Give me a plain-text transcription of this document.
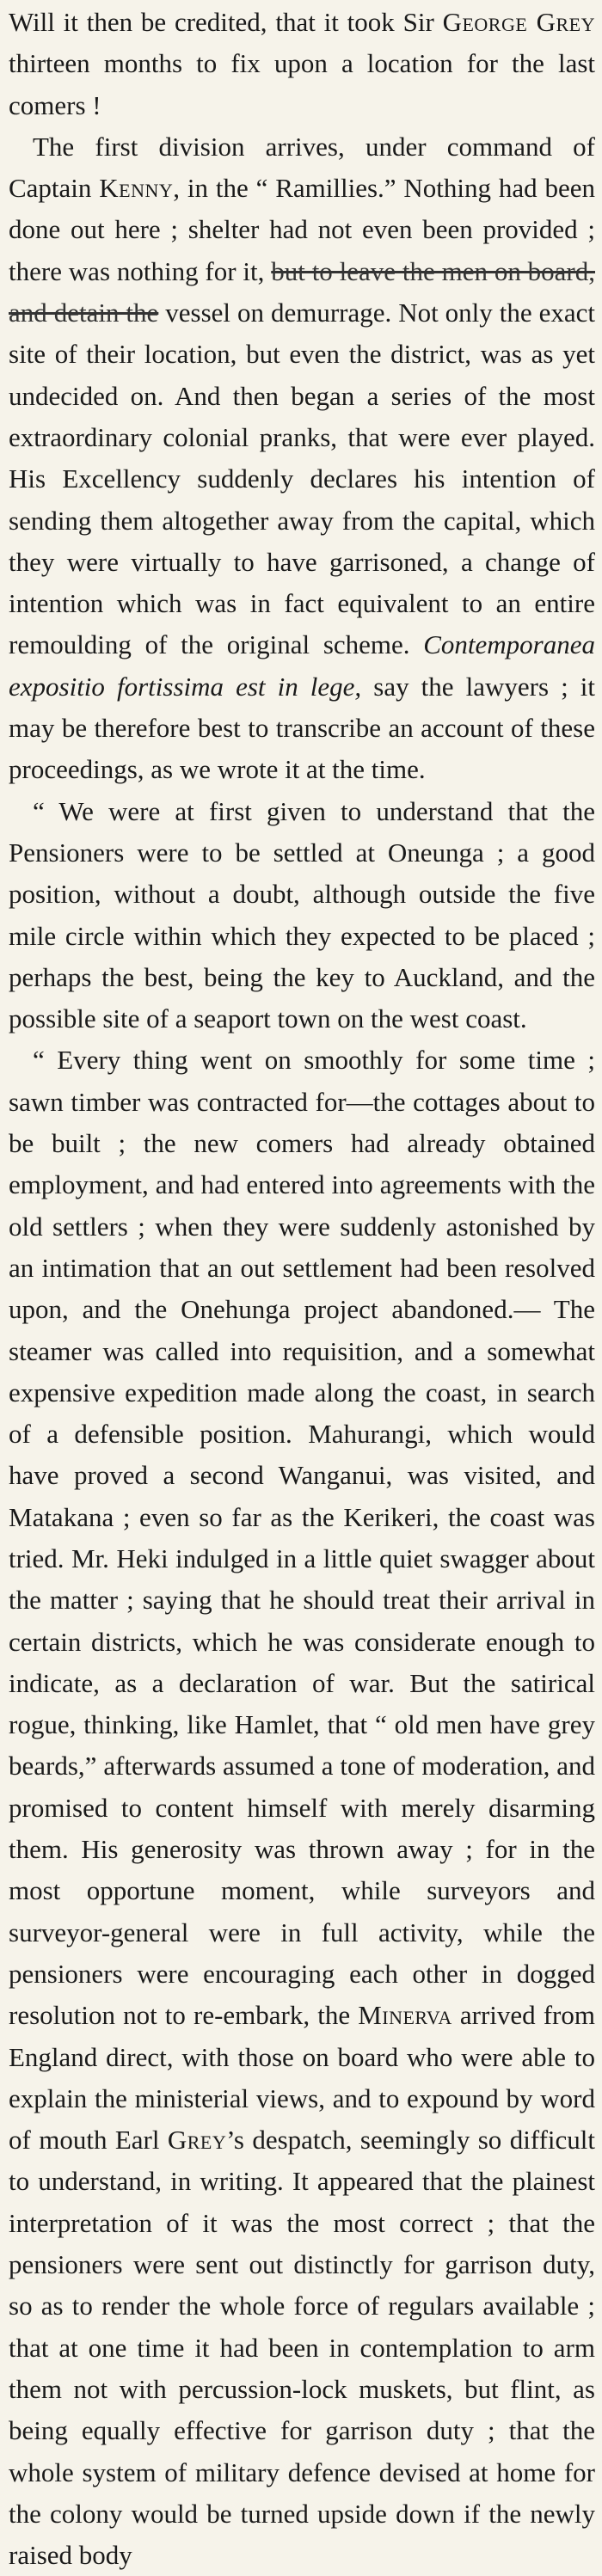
Will it then be credited, that it took Sir George Grey thirteen months to fix upon a location for the last comers !

The first division arrives, under command of Captain Kenny, in the “ Ramillies.” Nothing had been done out here ; shelter had not even been provided ; there was nothing for it, but to leave the men on board, and detain the vessel on demurrage. Not only the exact site of their location, but even the district, was as yet undecided on. And then began a series of the most extraordinary colonial pranks, that were ever played. His Excellency suddenly declares his intention of sending them altogether away from the capital, which they were virtually to have garrisoned, a change of intention which was in fact equivalent to an entire remoulding of the original scheme. Contemporanea expositio fortissima est in lege, say the lawyers ; it may be therefore best to transcribe an account of these proceedings, as we wrote it at the time.

“ We were at first given to understand that the Pensioners were to be settled at Oneunga ; a good position, without a doubt, although outside the five mile circle within which they expected to be placed ; perhaps the best, being the key to Auckland, and the possible site of a seaport town on the west coast.

“ Every thing went on smoothly for some time ; sawn timber was contracted for—the cottages about to be built ; the new comers had already obtained employment, and had entered into agreements with the old settlers ; when they were suddenly astonished by an intimation that an out settlement had been resolved upon, and the Onehunga project abandoned.— The steamer was called into requisition, and a somewhat expensive expedition made along the coast, in search of a defensible position. Mahurangi, which would have proved a second Wanganui, was visited, and Matakana ; even so far as the Kerikeri, the coast was tried. Mr. Heki indulged in a little quiet swagger about the matter ; saying that he should treat their arrival in certain districts, which he was considerate enough to indicate, as a declaration of war. But the satirical rogue, thinking, like Hamlet, that “ old men have grey beards,” afterwards assumed a tone of moderation, and promised to content himself with merely disarming them. His generosity was thrown away ; for in the most opportune moment, while surveyors and surveyor-general were in full activity, while the pensioners were encouraging each other in dogged resolution not to re-embark, the Minerva arrived from England direct, with those on board who were able to explain the ministerial views, and to expound by word of mouth Earl Grey’s despatch, seemingly so difficult to understand, in writing. It appeared that the plainest interpretation of it was the most correct ; that the pensioners were sent out distinctly for garrison duty, so as to render the whole force of regulars available ; that at one time it had been in contemplation to arm them not with percussion-lock muskets, but flint, as being equally effective for garrison duty ; that the whole system of military defence devised at home for the colony would be turned upside down if the newly raised body
